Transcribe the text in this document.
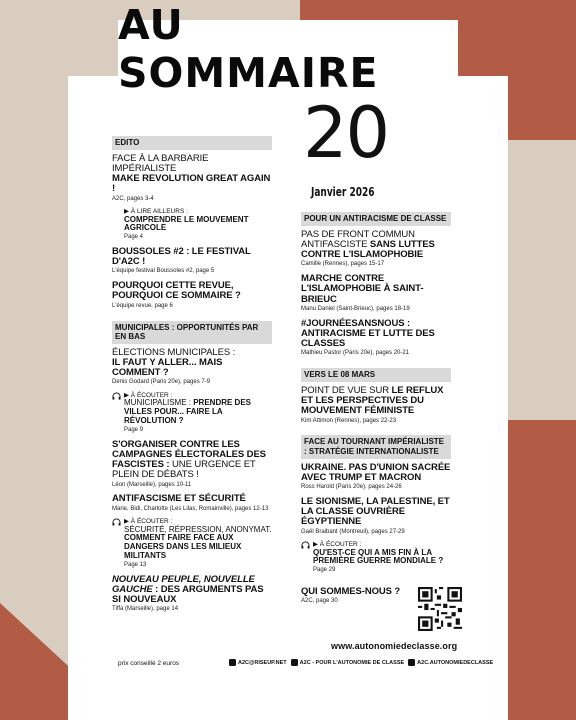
AU SOMMAIRE
20
Janvier 2026
EDITO
FACE À LA BARBARIE IMPÉRIALISTE
MAKE REVOLUTION GREAT AGAIN !
A2C, pages 3-4
▶ À LIRE AILLEURS :
COMPRENDRE LE MOUVEMENT AGRICOLE
Page 4
BOUSSOLES #2 : LE FESTIVAL D'A2C !
L'équipe festival Boussoles #2, page 5
POURQUOI CETTE REVUE, POURQUOI CE SOMMAIRE ?
L'équipe revue, page 6
MUNICIPALES : OPPORTUNITÉS PAR EN BAS
ÉLECTIONS MUNICIPALES :
IL FAUT Y ALLER... MAIS COMMENT ?
Denis Godard (Paris 20e), pages 7-9
▶ À ÉCOUTER :
MUNICIPALISME : PRENDRE DES VILLES POUR... FAIRE LA RÉVOLUTION ?
Page 9
S'ORGANISER CONTRE LES CAMPAGNES ÉLECTORALES DES FASCISTES : UNE URGENCE ET PLEIN DE DÉBATS !
Léon (Marseille), pages 10-11
ANTIFASCISME ET SÉCURITÉ
Marie, Bidi, Charlotte (Les Lilas, Romainville), pages 12-13
▶ À ÉCOUTER :
SÉCURITÉ, RÉPRESSION, ANONYMAT.
COMMENT FAIRE FACE AUX DANGERS DANS LES MILIEUX MILITANTS
Page 13
NOUVEAU PEUPLE, NOUVELLE GAUCHE : DES ARGUMENTS PAS SI NOUVEAUX
Tiffa (Marseille), page 14
POUR UN ANTIRACISME DE CLASSE
PAS DE FRONT COMMUN ANTIFASCISTE SANS LUTTES CONTRE L'ISLAMOPHOBIE
Camille (Rennes), pages 15-17
MARCHE CONTRE L'ISLAMOPHOBIE À SAINT-BRIEUC
Manu Daniel (Saint-Brieuc), pages 18-19
#JOURNÉESANSNOUS : ANTIRACISME ET LUTTE DES CLASSES
Mathieu Pastor (Paris 20e), pages 20-21
VERS LE 08 MARS
POINT DE VUE SUR LE REFLUX ET LES PERSPECTIVES DU MOUVEMENT FÉMINISTE
Kim Attimon (Rennes), pages 22-23
FACE AU TOURNANT IMPÉRIALISTE : STRATÉGIE INTERNATIONALISTE
UKRAINE. PAS D'UNION SACRÉE AVEC TRUMP ET MACRON
Ross Harold (Paris 20e), pages 24-26
LE SIONISME, LA PALESTINE, ET LA CLASSE OUVRIÈRE ÉGYPTIENNE
Gaël Braibant (Montreuil), pages 27-29
▶ À ÉCOUTER :
QU'EST-CE QUI A MIS FIN À LA PREMIÈRE GUERRE MONDIALE ?
Page 29
QUI SOMMES-NOUS ?
A2C, page 30
www.autonomiedeclasse.org
prix conseillé 2 euros	A2C@RISEUP.NET	A2C - POUR L'AUTONOMIE DE CLASSE	A2C.AUTONOMIEDECLASSE
